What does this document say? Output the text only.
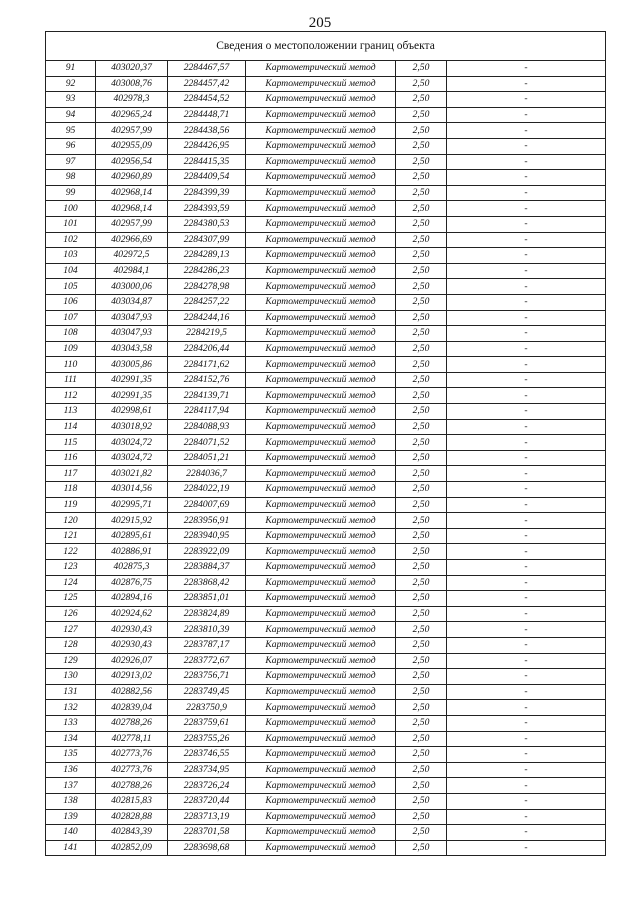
205
Сведения о местоположении границ объекта					
91	403020,37	2284467,57	Картометрический метод	2,50	-
92	403008,76	2284457,42	Картометрический метод	2,50	-
93	402978,3	2284454,52	Картометрический метод	2,50	-
94	402965,24	2284448,71	Картометрический метод	2,50	-
95	402957,99	2284438,56	Картометрический метод	2,50	-
96	402955,09	2284426,95	Картометрический метод	2,50	-
97	402956,54	2284415,35	Картометрический метод	2,50	-
98	402960,89	2284409,54	Картометрический метод	2,50	-
99	402968,14	2284399,39	Картометрический метод	2,50	-
100	402968,14	2284393,59	Картометрический метод	2,50	-
101	402957,99	2284380,53	Картометрический метод	2,50	-
102	402966,69	2284307,99	Картометрический метод	2,50	-
103	402972,5	2284289,13	Картометрический метод	2,50	-
104	402984,1	2284286,23	Картометрический метод	2,50	-
105	403000,06	2284278,98	Картометрический метод	2,50	-
106	403034,87	2284257,22	Картометрический метод	2,50	-
107	403047,93	2284244,16	Картометрический метод	2,50	-
108	403047,93	2284219,5	Картометрический метод	2,50	-
109	403043,58	2284206,44	Картометрический метод	2,50	-
110	403005,86	2284171,62	Картометрический метод	2,50	-
111	402991,35	2284152,76	Картометрический метод	2,50	-
112	402991,35	2284139,71	Картометрический метод	2,50	-
113	402998,61	2284117,94	Картометрический метод	2,50	-
114	403018,92	2284088,93	Картометрический метод	2,50	-
115	403024,72	2284071,52	Картометрический метод	2,50	-
116	403024,72	2284051,21	Картометрический метод	2,50	-
117	403021,82	2284036,7	Картометрический метод	2,50	-
118	403014,56	2284022,19	Картометрический метод	2,50	-
119	402995,71	2284007,69	Картометрический метод	2,50	-
120	402915,92	2283956,91	Картометрический метод	2,50	-
121	402895,61	2283940,95	Картометрический метод	2,50	-
122	402886,91	2283922,09	Картометрический метод	2,50	-
123	402875,3	2283884,37	Картометрический метод	2,50	-
124	402876,75	2283868,42	Картометрический метод	2,50	-
125	402894,16	2283851,01	Картометрический метод	2,50	-
126	402924,62	2283824,89	Картометрический метод	2,50	-
127	402930,43	2283810,39	Картометрический метод	2,50	-
128	402930,43	2283787,17	Картометрический метод	2,50	-
129	402926,07	2283772,67	Картометрический метод	2,50	-
130	402913,02	2283756,71	Картометрический метод	2,50	-
131	402882,56	2283749,45	Картометрический метод	2,50	-
132	402839,04	2283750,9	Картометрический метод	2,50	-
133	402788,26	2283759,61	Картометрический метод	2,50	-
134	402778,11	2283755,26	Картометрический метод	2,50	-
135	402773,76	2283746,55	Картометрический метод	2,50	-
136	402773,76	2283734,95	Картометрический метод	2,50	-
137	402788,26	2283726,24	Картометрический метод	2,50	-
138	402815,83	2283720,44	Картометрический метод	2,50	-
139	402828,88	2283713,19	Картометрический метод	2,50	-
140	402843,39	2283701,58	Картометрический метод	2,50	-
141	402852,09	2283698,68	Картометрический метод	2,50	-
